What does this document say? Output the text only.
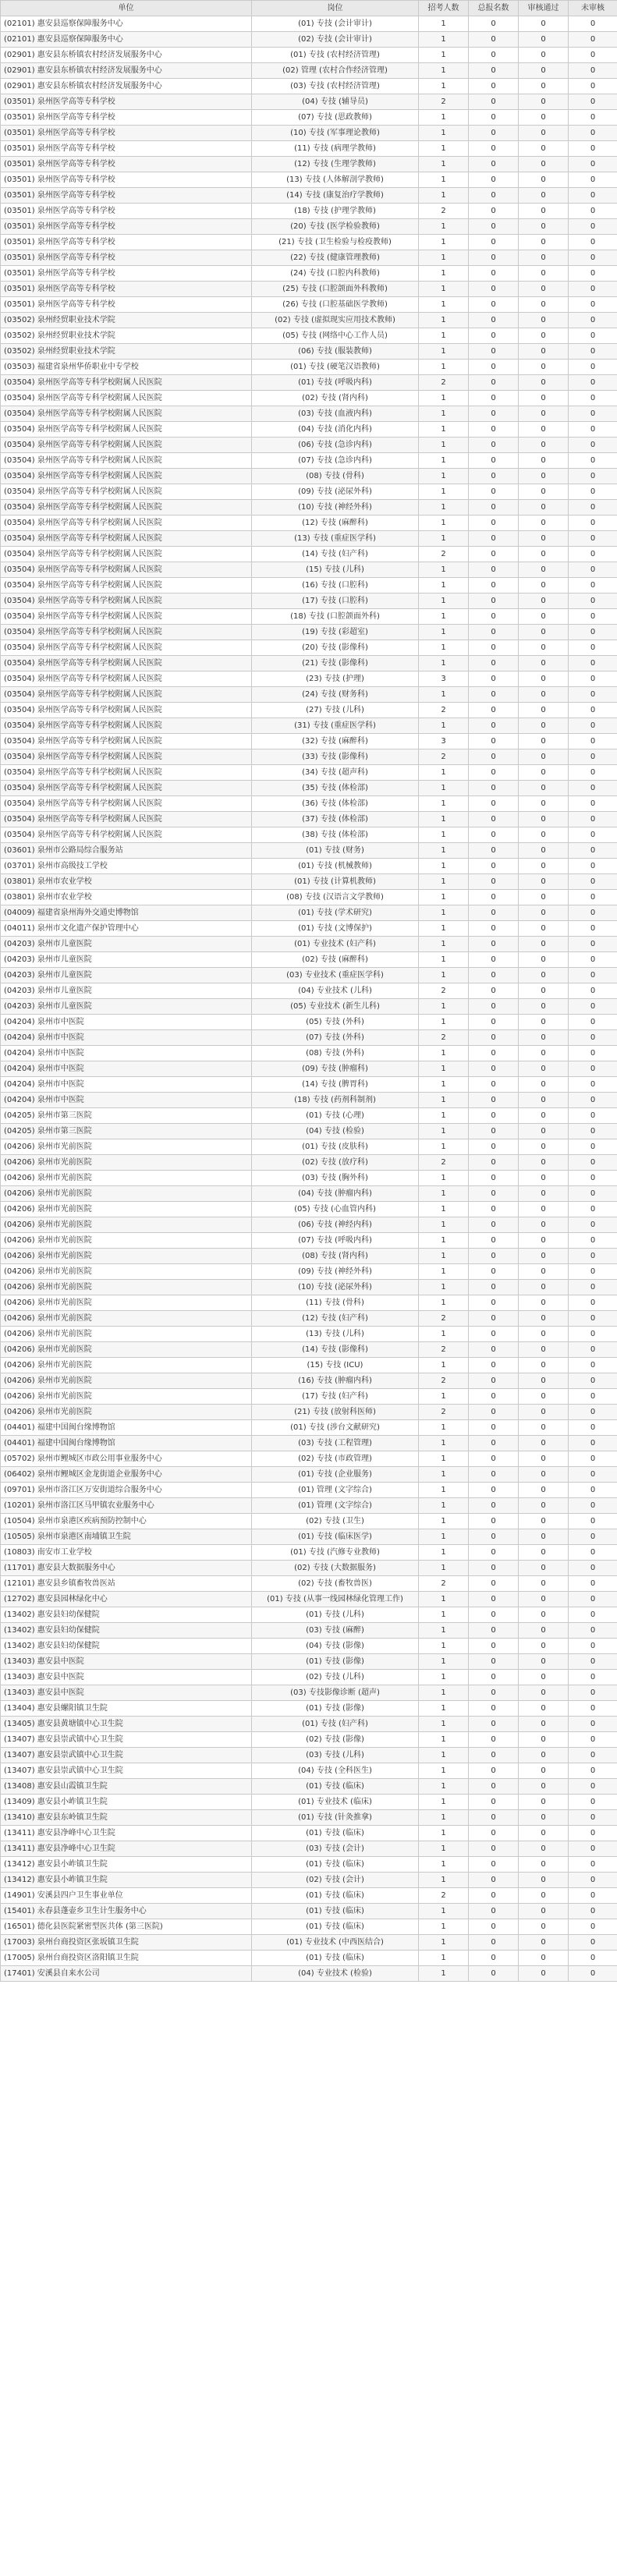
单位	岗位	招考人数	总报名数	审核通过	未审核
(02101) 惠安县巡察保障服务中心	(01) 专技 (会计审计)	1	0	0	0
(02101) 惠安县巡察保障服务中心	(02) 专技 (会计审计)	1	0	0	0
(02901) 惠安县东桥镇农村经济发展服务中心	(01) 专技 (农村经济管理)	1	0	0	0
(02901) 惠安县东桥镇农村经济发展服务中心	(02) 管理 (农村合作经济管理)	1	0	0	0
(02901) 惠安县东桥镇农村经济发展服务中心	(03) 专技 (农村经济管理)	1	0	0	0
(03501) 泉州医学高等专科学校	(04) 专技 (辅导员)	2	0	0	0
(03501) 泉州医学高等专科学校	(07) 专技 (思政教师)	1	0	0	0
(03501) 泉州医学高等专科学校	(10) 专技 (军事理论教师)	1	0	0	0
(03501) 泉州医学高等专科学校	(11) 专技 (病理学教师)	1	0	0	0
(03501) 泉州医学高等专科学校	(12) 专技 (生理学教师)	1	0	0	0
(03501) 泉州医学高等专科学校	(13) 专技 (人体解剖学教师)	1	0	0	0
(03501) 泉州医学高等专科学校	(14) 专技 (康复治疗学教师)	1	0	0	0
(03501) 泉州医学高等专科学校	(18) 专技 (护理学教师)	2	0	0	0
(03501) 泉州医学高等专科学校	(20) 专技 (医学检验教师)	1	0	0	0
(03501) 泉州医学高等专科学校	(21) 专技 (卫生检验与检疫教师)	1	0	0	0
(03501) 泉州医学高等专科学校	(22) 专技 (健康管理教师)	1	0	0	0
(03501) 泉州医学高等专科学校	(24) 专技 (口腔内科教师)	1	0	0	0
(03501) 泉州医学高等专科学校	(25) 专技 (口腔颌面外科教师)	1	0	0	0
(03501) 泉州医学高等专科学校	(26) 专技 (口腔基础医学教师)	1	0	0	0
(03502) 泉州经贸职业技术学院	(02) 专技 (虚拟现实应用技术教师)	1	0	0	0
(03502) 泉州经贸职业技术学院	(05) 专技 (网络中心工作人员)	1	0	0	0
(03502) 泉州经贸职业技术学院	(06) 专技 (服装教师)	1	0	0	0
(03503) 福建省泉州华侨职业中专学校	(01) 专技 (硬笔汉语教师)	1	0	0	0
(03504) 泉州医学高等专科学校附属人民医院	(01) 专技 (呼吸内科)	2	0	0	0
(03504) 泉州医学高等专科学校附属人民医院	(02) 专技 (肾内科)	1	0	0	0
(03504) 泉州医学高等专科学校附属人民医院	(03) 专技 (血液内科)	1	0	0	0
(03504) 泉州医学高等专科学校附属人民医院	(04) 专技 (消化内科)	1	0	0	0
(03504) 泉州医学高等专科学校附属人民医院	(06) 专技 (急诊内科)	1	0	0	0
(03504) 泉州医学高等专科学校附属人民医院	(07) 专技 (急诊内科)	1	0	0	0
(03504) 泉州医学高等专科学校附属人民医院	(08) 专技 (骨科)	1	0	0	0
(03504) 泉州医学高等专科学校附属人民医院	(09) 专技 (泌尿外科)	1	0	0	0
(03504) 泉州医学高等专科学校附属人民医院	(10) 专技 (神经外科)	1	0	0	0
(03504) 泉州医学高等专科学校附属人民医院	(12) 专技 (麻醉科)	1	0	0	0
(03504) 泉州医学高等专科学校附属人民医院	(13) 专技 (重症医学科)	1	0	0	0
(03504) 泉州医学高等专科学校附属人民医院	(14) 专技 (妇产科)	2	0	0	0
(03504) 泉州医学高等专科学校附属人民医院	(15) 专技 (儿科)	1	0	0	0
(03504) 泉州医学高等专科学校附属人民医院	(16) 专技 (口腔科)	1	0	0	0
(03504) 泉州医学高等专科学校附属人民医院	(17) 专技 (口腔科)	1	0	0	0
(03504) 泉州医学高等专科学校附属人民医院	(18) 专技 (口腔颌面外科)	1	0	0	0
(03504) 泉州医学高等专科学校附属人民医院	(19) 专技 (彩超室)	1	0	0	0
(03504) 泉州医学高等专科学校附属人民医院	(20) 专技 (影像科)	1	0	0	0
(03504) 泉州医学高等专科学校附属人民医院	(21) 专技 (影像科)	1	0	0	0
(03504) 泉州医学高等专科学校附属人民医院	(23) 专技 (护理)	3	0	0	0
(03504) 泉州医学高等专科学校附属人民医院	(24) 专技 (财务科)	1	0	0	0
(03504) 泉州医学高等专科学校附属人民医院	(27) 专技 (儿科)	2	0	0	0
(03504) 泉州医学高等专科学校附属人民医院	(31) 专技 (重症医学科)	1	0	0	0
(03504) 泉州医学高等专科学校附属人民医院	(32) 专技 (麻醉科)	3	0	0	0
(03504) 泉州医学高等专科学校附属人民医院	(33) 专技 (影像科)	2	0	0	0
(03504) 泉州医学高等专科学校附属人民医院	(34) 专技 (超声科)	1	0	0	0
(03504) 泉州医学高等专科学校附属人民医院	(35) 专技 (体检部)	1	0	0	0
(03504) 泉州医学高等专科学校附属人民医院	(36) 专技 (体检部)	1	0	0	0
(03504) 泉州医学高等专科学校附属人民医院	(37) 专技 (体检部)	1	0	0	0
(03504) 泉州医学高等专科学校附属人民医院	(38) 专技 (体检部)	1	0	0	0
(03601) 泉州市公路局综合服务站	(01) 专技 (财务)	1	0	0	0
(03701) 泉州市高级技工学校	(01) 专技 (机械教师)	1	0	0	0
(03801) 泉州市农业学校	(01) 专技 (计算机教师)	1	0	0	0
(03801) 泉州市农业学校	(08) 专技 (汉语言文学教师)	1	0	0	0
(04009) 福建省泉州海外交通史博物馆	(01) 专技 (学术研究)	1	0	0	0
(04011) 泉州市文化遗产保护管理中心	(01) 专技 (文博保护)	1	0	0	0
(04203) 泉州市儿童医院	(01) 专业技术 (妇产科)	1	0	0	0
(04203) 泉州市儿童医院	(02) 专技 (麻醉科)	1	0	0	0
(04203) 泉州市儿童医院	(03) 专业技术 (重症医学科)	1	0	0	0
(04203) 泉州市儿童医院	(04) 专业技术 (儿科)	2	0	0	0
(04203) 泉州市儿童医院	(05) 专业技术 (新生儿科)	1	0	0	0
(04204) 泉州市中医院	(05) 专技 (外科)	1	0	0	0
(04204) 泉州市中医院	(07) 专技 (外科)	2	0	0	0
(04204) 泉州市中医院	(08) 专技 (外科)	1	0	0	0
(04204) 泉州市中医院	(09) 专技 (肿瘤科)	1	0	0	0
(04204) 泉州市中医院	(14) 专技 (脾胃科)	1	0	0	0
(04204) 泉州市中医院	(18) 专技 (药剂科制剂)	1	0	0	0
(04205) 泉州市第三医院	(01) 专技 (心理)	1	0	0	0
(04205) 泉州市第三医院	(04) 专技 (检验)	1	0	0	0
(04206) 泉州市光前医院	(01) 专技 (皮肤科)	1	0	0	0
(04206) 泉州市光前医院	(02) 专技 (放疗科)	2	0	0	0
(04206) 泉州市光前医院	(03) 专技 (胸外科)	1	0	0	0
(04206) 泉州市光前医院	(04) 专技 (肿瘤内科)	1	0	0	0
(04206) 泉州市光前医院	(05) 专技 (心血管内科)	1	0	0	0
(04206) 泉州市光前医院	(06) 专技 (神经内科)	1	0	0	0
(04206) 泉州市光前医院	(07) 专技 (呼吸内科)	1	0	0	0
(04206) 泉州市光前医院	(08) 专技 (肾内科)	1	0	0	0
(04206) 泉州市光前医院	(09) 专技 (神经外科)	1	0	0	0
(04206) 泉州市光前医院	(10) 专技 (泌尿外科)	1	0	0	0
(04206) 泉州市光前医院	(11) 专技 (骨科)	1	0	0	0
(04206) 泉州市光前医院	(12) 专技 (妇产科)	2	0	0	0
(04206) 泉州市光前医院	(13) 专技 (儿科)	1	0	0	0
(04206) 泉州市光前医院	(14) 专技 (影像科)	2	0	0	0
(04206) 泉州市光前医院	(15) 专技 (ICU)	1	0	0	0
(04206) 泉州市光前医院	(16) 专技 (肿瘤内科)	2	0	0	0
(04206) 泉州市光前医院	(17) 专技 (妇产科)	1	0	0	0
(04206) 泉州市光前医院	(21) 专技 (放射科医师)	2	0	0	0
(04401) 福建中国闽台缘博物馆	(01) 专技 (涉台文献研究)	1	0	0	0
(04401) 福建中国闽台缘博物馆	(03) 专技 (工程管理)	1	0	0	0
(05702) 泉州市鲤城区市政公用事业服务中心	(02) 专技 (市政管理)	1	0	0	0
(06402) 泉州市鲤城区金龙街道企业服务中心	(01) 专技 (企业服务)	1	0	0	0
(09701) 泉州市洛江区万安街道综合服务中心	(01) 管理 (文字综合)	1	0	0	0
(10201) 泉州市洛江区马甲镇农业服务中心	(01) 管理 (文字综合)	1	0	0	0
(10504) 泉州市泉港区疾病预防控制中心	(02) 专技 (卫生)	1	0	0	0
(10505) 泉州市泉港区南埔镇卫生院	(01) 专技 (临床医学)	1	0	0	0
(10803) 南安市工业学校	(01) 专技 (汽修专业教师)	1	0	0	0
(11701) 惠安县大数据服务中心	(02) 专技 (大数据服务)	1	0	0	0
(12101) 惠安县乡镇畜牧兽医站	(02) 专技 (畜牧兽医)	2	0	0	0
(12702) 惠安县园林绿化中心	(01) 专技 (从事一线园林绿化管理工作)	1	0	0	0
(13402) 惠安县妇幼保健院	(01) 专技 (儿科)	1	0	0	0
(13402) 惠安县妇幼保健院	(03) 专技 (麻醉)	1	0	0	0
(13402) 惠安县妇幼保健院	(04) 专技 (影像)	1	0	0	0
(13403) 惠安县中医院	(01) 专技 (影像)	1	0	0	0
(13403) 惠安县中医院	(02) 专技 (儿科)	1	0	0	0
(13403) 惠安县中医院	(03) 专技影像诊断 (超声)	1	0	0	0
(13404) 惠安县螺阳镇卫生院	(01) 专技 (影像)	1	0	0	0
(13405) 惠安县黄塘镇中心卫生院	(01) 专技 (妇产科)	1	0	0	0
(13407) 惠安县崇武镇中心卫生院	(02) 专技 (影像)	1	0	0	0
(13407) 惠安县崇武镇中心卫生院	(03) 专技 (儿科)	1	0	0	0
(13407) 惠安县崇武镇中心卫生院	(04) 专技 (全科医生)	1	0	0	0
(13408) 惠安县山霞镇卫生院	(01) 专技 (临床)	1	0	0	0
(13409) 惠安县小岞镇卫生院	(01) 专业技术 (临床)	1	0	0	0
(13410) 惠安县东岭镇卫生院	(01) 专技 (针灸推拿)	1	0	0	0
(13411) 惠安县净峰中心卫生院	(01) 专技 (临床)	1	0	0	0
(13411) 惠安县净峰中心卫生院	(03) 专技 (会计)	1	0	0	0
(13412) 惠安县小岞镇卫生院	(01) 专技 (临床)	1	0	0	0
(13412) 惠安县小岞镇卫生院	(02) 专技 (会计)	1	0	0	0
(14901) 安溪县四户卫生事业单位	(01) 专技 (临床)	2	0	0	0
(15401) 永春县蓬壶乡卫生计生服务中心	(01) 专技 (临床)	1	0	0	0
(16501) 德化县医院紧密型医共体 (第三医院)	(01) 专技 (临床)	1	0	0	0
(17003) 泉州台商投资区张坂镇卫生院	(01) 专业技术 (中西医结合)	1	0	0	0
(17005) 泉州台商投资区洛阳镇卫生院	(01) 专技 (临床)	1	0	0	0
(17401) 安溪县自来水公司	(04) 专业技术 (检验)	1	0	0	0
